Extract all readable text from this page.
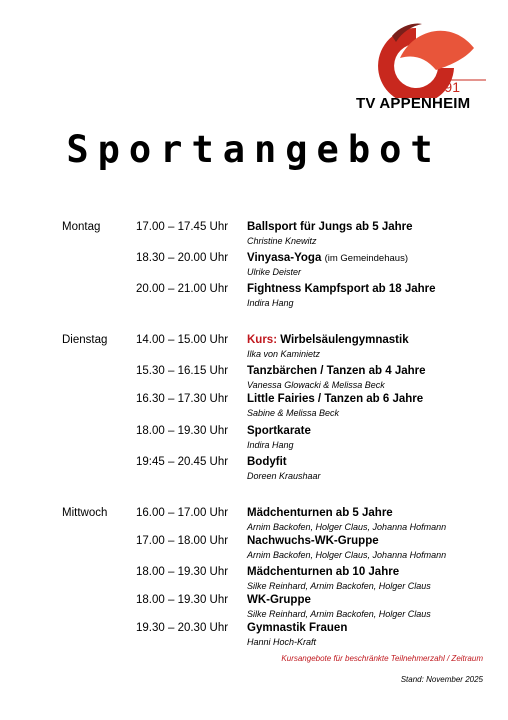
1891
TV APPENHEIM
Sportangebot
Montag	17.00 – 17.45 Uhr Ballsport für Jungs ab 5 Jahre
Christine Knewitz
18.30 – 20.00 Uhr Vinyasa-Yoga (im Gemeindehaus)
Ulrike Deister
20.00 – 21.00 Uhr Fightness Kampfsport ab 18 Jahre
Indira Hang
Dienstag 14.00 – 15.00 Uhr Kurs: Wirbelsäulengymnastik
Ilka von Kaminietz
15.30 – 16.15 Uhr Tanzbärchen / Tanzen ab 4 Jahre
Vanessa Glowacki & Melissa Beck
16.30 – 17.30 Uhr Little Fairies / Tanzen ab 6 Jahre
Sabine & Melissa Beck
18.00 – 19.30 Uhr Sportkarate
Indira Hang
19:45 – 20.45 Uhr Bodyfit
Doreen Kraushaar
Mittwoch 16.00 – 17.00 Uhr Mädchenturnen ab 5 Jahre
Arnim Backofen, Holger Claus, Johanna Hofmann
17.00 – 18.00 Uhr Nachwuchs-WK-Gruppe
Arnim Backofen, Holger Claus, Johanna Hofmann
18.00 – 19.30 Uhr Mädchenturnen ab 10 Jahre
Silke Reinhard, Arnim Backofen, Holger Claus
18.00 – 19.30 Uhr WK-Gruppe
Silke Reinhard, Arnim Backofen, Holger Claus
19.30 – 20.30 Uhr Gymnastik Frauen
Hanni Hoch-Kraft
Kursangebote für beschränkte Teilnehmerzahl / Zeitraum
Stand: November 2025
